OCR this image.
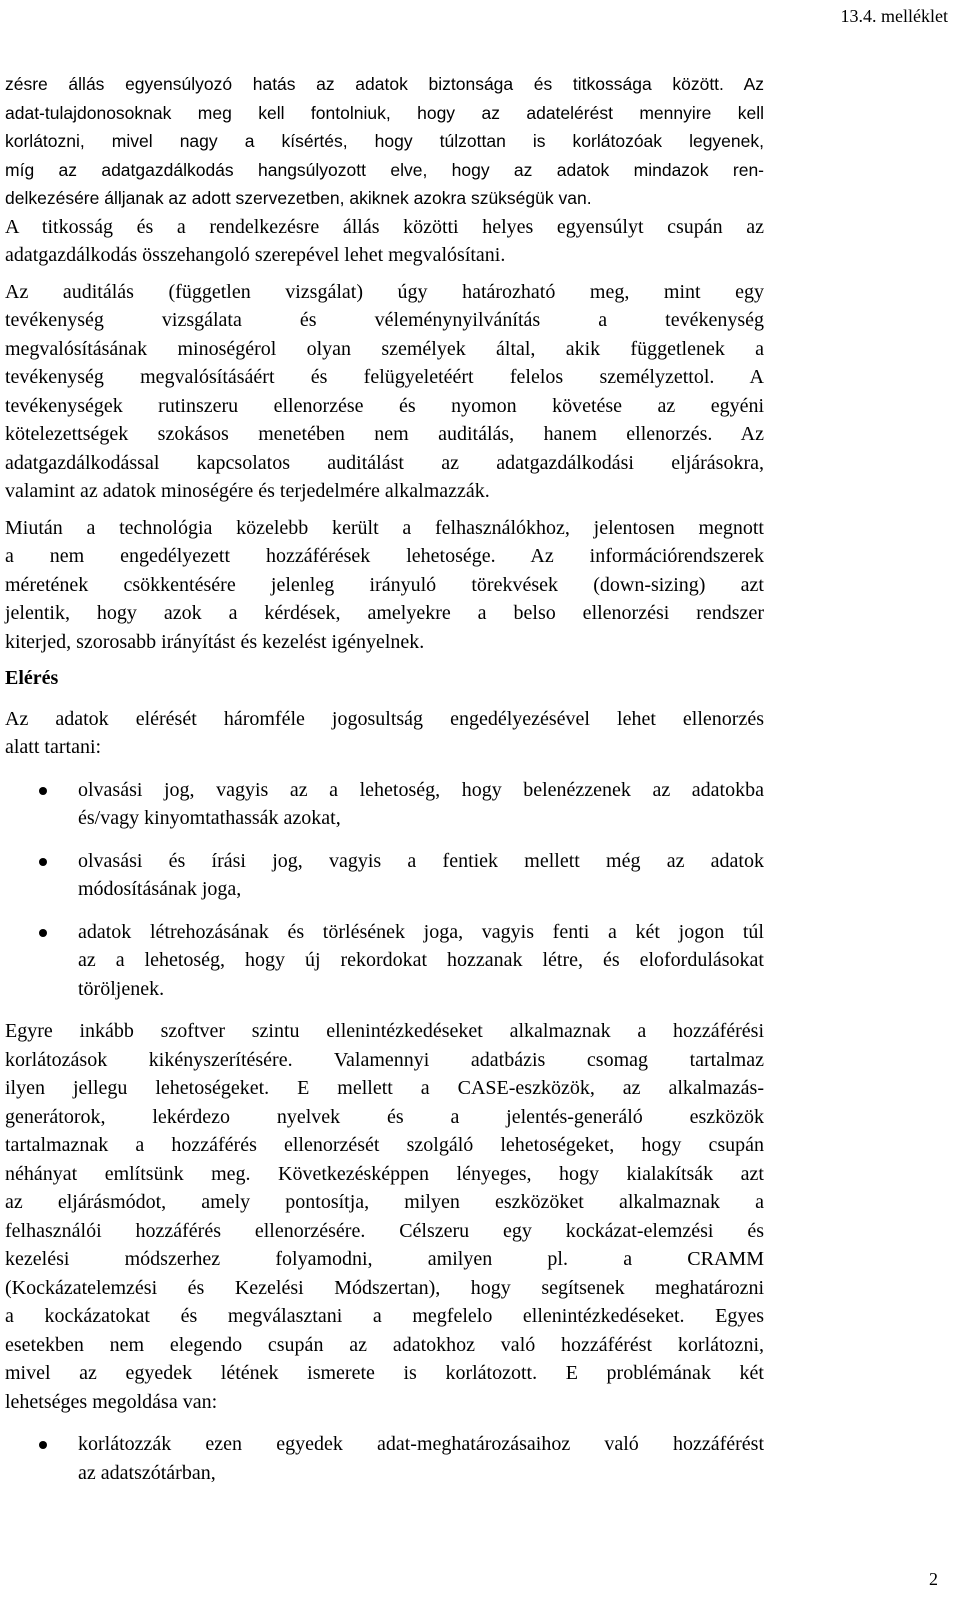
13.4. melléklet
zésre állás egyensúlyozó hatás az adatok biztonsága és titkossága között. Az
adat-tulajdonosoknak meg kell fontolniuk, hogy az adatelérést mennyire kell
korlátozni, mivel nagy a kísértés, hogy túlzottan is korlátozóak legyenek,
míg az adatgazdálkodás hangsúlyozott elve, hogy az adatok mindazok ren-
delkezésére álljanak az adott szervezetben, akiknek azokra szükségük van.
A titkosság és a rendelkezésre állás közötti helyes egyensúlyt csupán az
adatgazdálkodás összehangoló szerepével lehet megvalósítani.
Az auditálás (független vizsgálat) úgy határozható meg, mint egy
tevékenység vizsgálata és véleménynyilvánítás a tevékenység
megvalósításának minoségérol olyan személyek által, akik függetlenek a
tevékenység megvalósításáért és felügyeletéért felelos személyzettol. A
tevékenységek rutinszeru ellenorzése és nyomon követése az egyéni
kötelezettségek szokásos menetében nem auditálás, hanem ellenorzés. Az
adatgazdálkodással kapcsolatos auditálást az adatgazdálkodási eljárásokra,
valamint az adatok minoségére és terjedelmére alkalmazzák.
Miután a technológia közelebb került a felhasználókhoz, jelentosen megnott
a nem engedélyezett hozzáférések lehetosége. Az információrendszerek
méretének csökkentésére jelenleg irányuló törekvések (down-sizing) azt
jelentik, hogy azok a kérdések, amelyekre a belso ellenorzési rendszer
kiterjed, szorosabb irányítást és kezelést igényelnek.
Elérés
Az adatok elérését háromféle jogosultság engedélyezésével lehet ellenorzés
alatt tartani:
olvasási jog, vagyis az a lehetoség, hogy belenézzenek az adatokba
és/vagy kinyomtathassák azokat,
olvasási és írási jog, vagyis a fentiek mellett még az adatok
módosításának joga,
adatok létrehozásának és törlésének joga, vagyis fenti a két jogon túl
az a lehetoség, hogy új rekordokat hozzanak létre, és elofordulásokat
töröljenek.
Egyre inkább szoftver szintu ellenintézkedéseket alkalmaznak a hozzáférési
korlátozások kikényszerítésére. Valamennyi adatbázis csomag tartalmaz
ilyen jellegu lehetoségeket. E mellett a CASE-eszközök, az alkalmazás-
generátorok, lekérdezo nyelvek és a jelentés-generáló eszközök
tartalmaznak a hozzáférés ellenorzését szolgáló lehetoségeket, hogy csupán
néhányat említsünk meg. Következésképpen lényeges, hogy kialakítsák azt
az eljárásmódot, amely pontosítja, milyen eszközöket alkalmaznak a
felhasználói hozzáférés ellenorzésére. Célszeru egy kockázat-elemzési és
kezelési módszerhez folyamodni, amilyen pl. a CRAMM
(Kockázatelemzési és Kezelési Módszertan), hogy segítsenek meghatározni
a kockázatokat és megválasztani a megfelelo ellenintézkedéseket. Egyes
esetekben nem elegendo csupán az adatokhoz való hozzáférést korlátozni,
mivel az egyedek létének ismerete is korlátozott. E problémának két
lehetséges megoldása van:
korlátozzák ezen egyedek adat-meghatározásaihoz való hozzáférést
az adatszótárban,
2
